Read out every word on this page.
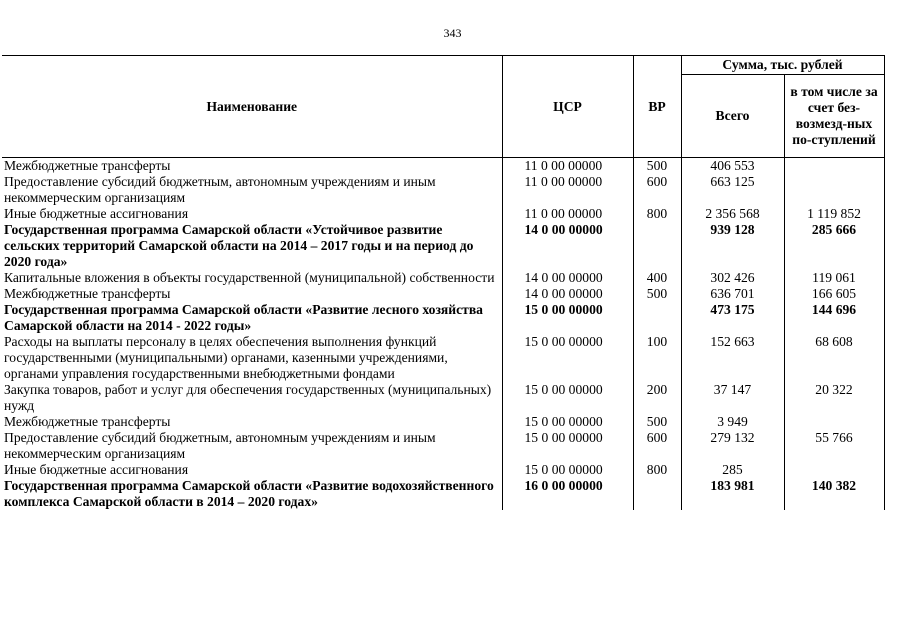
343
Наименование	ЦСР	ВР	Сумма, тыс. рублей	
			Всего	в том числе за счет без-возмезд-ных по-ступлений
Межбюджетные трансферты	11 0 00 00000	500	406 553	
Предоставление субсидий бюджетным, автономным учреждениям и иным некоммерческим организациям	11 0 00 00000	600	663 125	
Иные бюджетные ассигнования	11 0 00 00000	800	2 356 568	1 119 852
Государственная программа Самарской области «Устойчивое развитие сельских территорий Самарской области на 2014 – 2017 годы и на период до 2020 года»	14 0 00 00000		939 128	285 666
Капитальные вложения в объекты государственной (муниципальной) собственности	14 0 00 00000	400	302 426	119 061
Межбюджетные трансферты	14 0 00 00000	500	636 701	166 605
Государственная программа Самарской области «Развитие лесного хозяйства Самарской области на 2014 - 2022 годы»	15 0 00 00000		473 175	144 696
Расходы на выплаты персоналу в целях обеспечения выполнения функций государственными (муниципальными) органами, казенными учреждениями, органами управления государственными внебюджетными фондами	15 0 00 00000	100	152 663	68 608
Закупка товаров, работ и услуг для обеспечения государственных (муниципальных) нужд	15 0 00 00000	200	37 147	20 322
Межбюджетные трансферты	15 0 00 00000	500	3 949	
Предоставление субсидий бюджетным, автономным учреждениям и иным некоммерческим организациям	15 0 00 00000	600	279 132	55 766
Иные бюджетные ассигнования	15 0 00 00000	800	285	
Государственная программа Самарской области «Развитие водохозяйственного комплекса Самарской области в 2014 – 2020 годах»	16 0 00 00000		183 981	140 382
